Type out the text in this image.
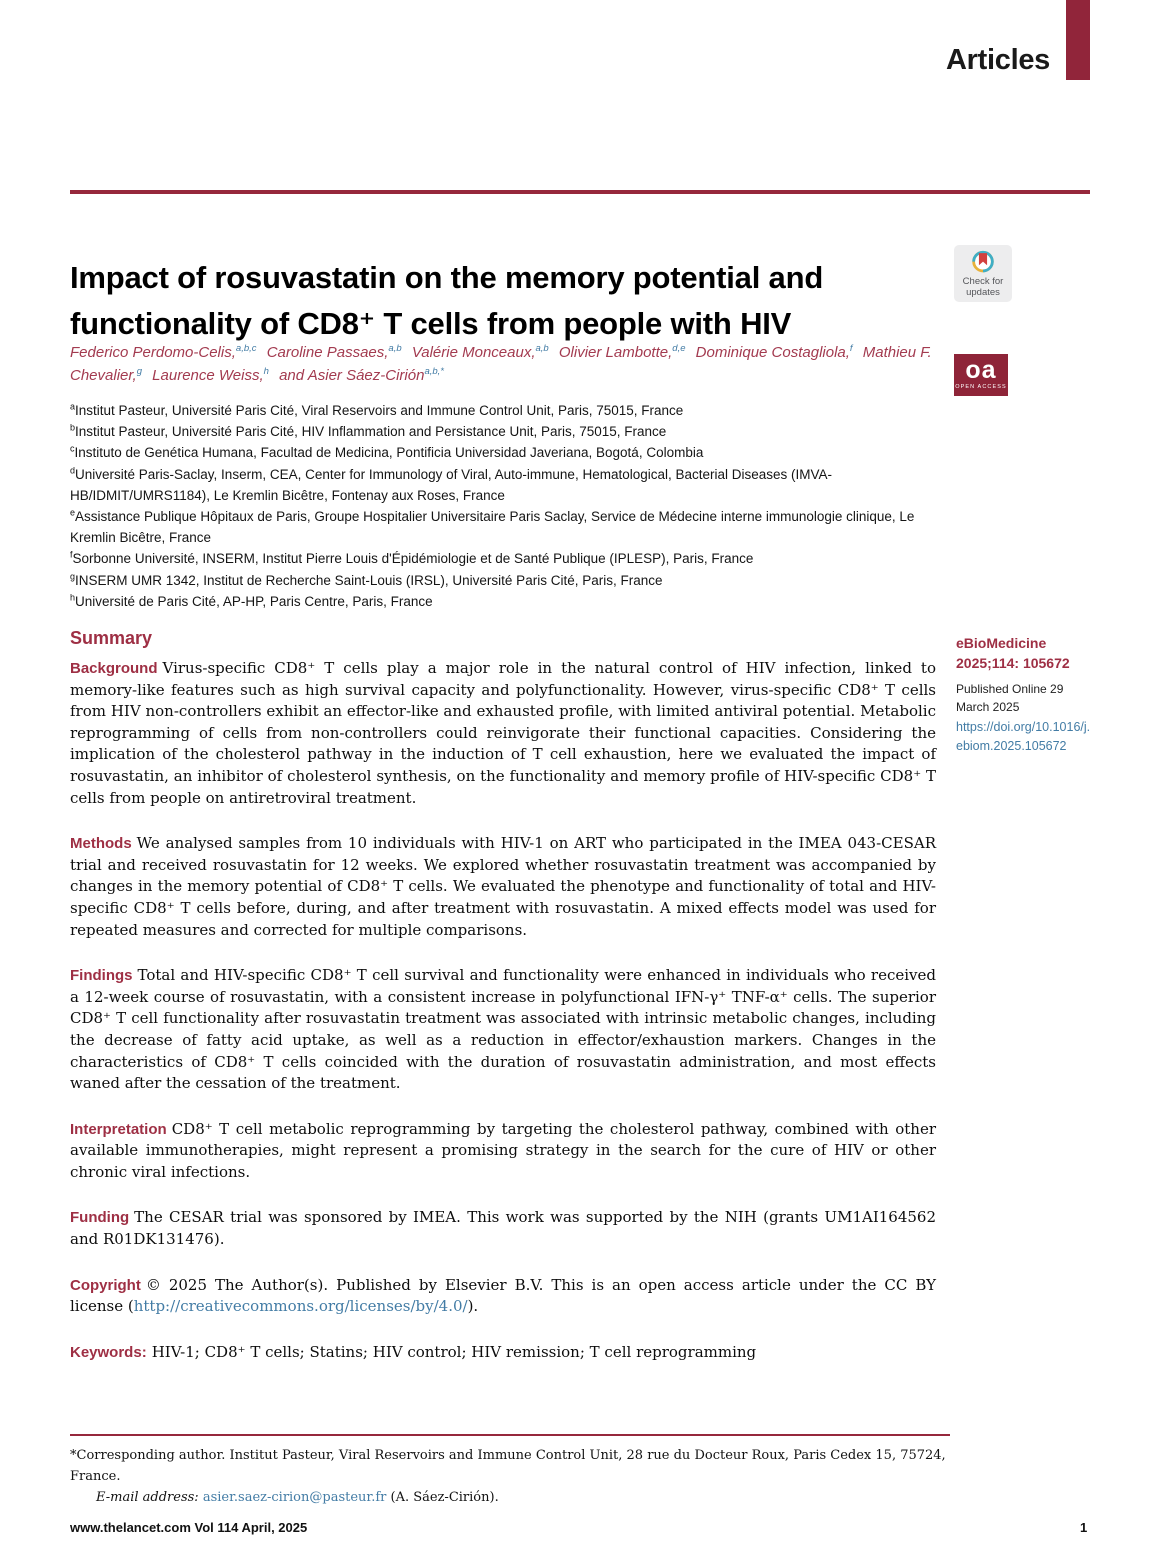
Articles
Impact of rosuvastatin on the memory potential and functionality of CD8⁺ T cells from people with HIV
Federico Perdomo-Celis,$^{a,b,c}$ Caroline Passaes,$^{a,b}$ Valérie Monceaux,$^{a,b}$ Olivier Lambotte,$^{d,e}$ Dominique Costagliola,$^f$ Mathieu F. Chevalier,$^g$ Laurence Weiss,$^h$ and Asier Sáez-Cirión$^{a,b,*}$
$^a$Institut Pasteur, Université Paris Cité, Viral Reservoirs and Immune Control Unit, Paris, 75015, France
$^b$Institut Pasteur, Université Paris Cité, HIV Inflammation and Persistance Unit, Paris, 75015, France
$^c$Instituto de Genética Humana, Facultad de Medicina, Pontificia Universidad Javeriana, Bogotá, Colombia
$^d$Université Paris-Saclay, Inserm, CEA, Center for Immunology of Viral, Auto-immune, Hematological, Bacterial Diseases (IMVA-HB/IDMIT/UMRS1184), Le Kremlin Bicêtre, Fontenay aux Roses, France
$^e$Assistance Publique Hôpitaux de Paris, Groupe Hospitalier Universitaire Paris Saclay, Service de Médecine interne immunologie clinique, Le Kremlin Bicêtre, France
$^f$Sorbonne Université, INSERM, Institut Pierre Louis d'Épidémiologie et de Santé Publique (IPLESP), Paris, France
$^g$INSERM UMR 1342, Institut de Recherche Saint-Louis (IRSL), Université Paris Cité, Paris, France
$^h$Université de Paris Cité, AP-HP, Paris Centre, Paris, France
Summary

Background Virus-specific CD8⁺ T cells play a major role in the natural control of HIV infection, linked to memory-like features such as high survival capacity and polyfunctionality. However, virus-specific CD8⁺ T cells from HIV non-controllers exhibit an effector-like and exhausted profile, with limited antiviral potential. Metabolic reprogramming of cells from non-controllers could reinvigorate their functional capacities. Considering the implication of the cholesterol pathway in the induction of T cell exhaustion, here we evaluated the impact of rosuvastatin, an inhibitor of cholesterol synthesis, on the functionality and memory profile of HIV-specific CD8⁺ T cells from people on antiretroviral treatment.

Methods We analysed samples from 10 individuals with HIV-1 on ART who participated in the IMEA 043-CESAR trial and received rosuvastatin for 12 weeks. We explored whether rosuvastatin treatment was accompanied by changes in the memory potential of CD8⁺ T cells. We evaluated the phenotype and functionality of total and HIV-specific CD8⁺ T cells before, during, and after treatment with rosuvastatin. A mixed effects model was used for repeated measures and corrected for multiple comparisons.

Findings Total and HIV-specific CD8⁺ T cell survival and functionality were enhanced in individuals who received a 12-week course of rosuvastatin, with a consistent increase in polyfunctional IFN-γ⁺ TNF-α⁺ cells. The superior CD8⁺ T cell functionality after rosuvastatin treatment was associated with intrinsic metabolic changes, including the decrease of fatty acid uptake, as well as a reduction in effector/exhaustion markers. Changes in the characteristics of CD8⁺ T cells coincided with the duration of rosuvastatin administration, and most effects waned after the cessation of the treatment.

Interpretation CD8⁺ T cell metabolic reprogramming by targeting the cholesterol pathway, combined with other available immunotherapies, might represent a promising strategy in the search for the cure of HIV or other chronic viral infections.

Funding The CESAR trial was sponsored by IMEA. This work was supported by the NIH (grants UM1AI164562 and R01DK131476).

Copyright © 2025 The Author(s). Published by Elsevier B.V. This is an open access article under the CC BY license (http://creativecommons.org/licenses/by/4.0/).

Keywords: HIV-1; CD8⁺ T cells; Statins; HIV control; HIV remission; T cell reprogramming

Check for
updates
oa
OPEN ACCESS
eBioMedicine
2025;114: 105672
Published Online 29 March 2025
https://doi.org/10.1016/j.ebiom.2025.105672
*Corresponding author. Institut Pasteur, Viral Reservoirs and Immune Control Unit, 28 rue du Docteur Roux, Paris Cedex 15, 75724, France.
E-mail address: asier.saez-cirion@pasteur.fr (A. Sáez-Cirión).
www.thelancet.com Vol 114 April, 2025	1
